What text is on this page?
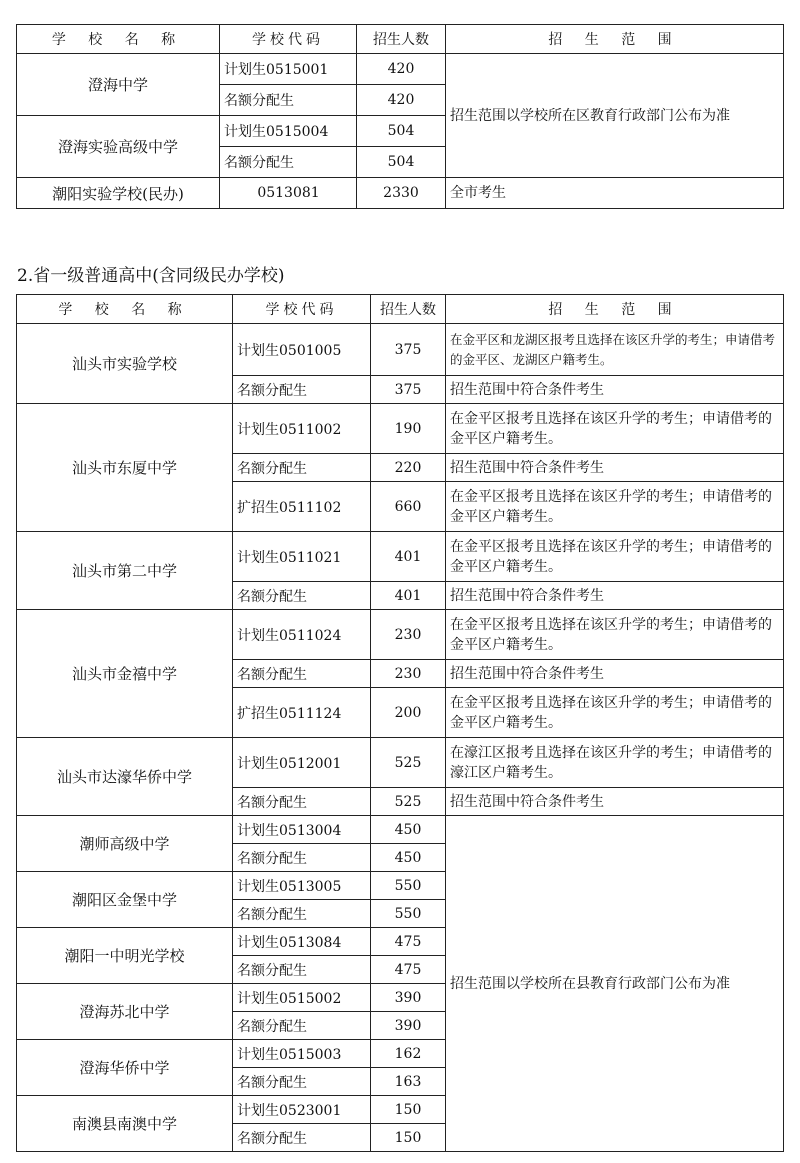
学 校 名 称	学校代码	招生人数	招 生 范 围
澄海中学	计划生0515001	420	招生范围以学校所在区教育行政部门公布为准
	名额分配生	420	
澄海实验高级中学	计划生0515004	504	
	名额分配生	504	
潮阳实验学校(民办)	0513081	2330	全市考生
2.省一级普通高中(含同级民办学校)
学 校 名 称	学校代码	招生人数	招 生 范 围
汕头市实验学校	计划生0501005	375	在金平区和龙湖区报考且选择在该区升学的考生；申请借考的金平区、龙湖区户籍考生。
	名额分配生	375	招生范围中符合条件考生
汕头市东厦中学	计划生0511002	190	在金平区报考且选择在该区升学的考生；申请借考的金平区户籍考生。
	名额分配生	220	招生范围中符合条件考生
	扩招生0511102	660	在金平区报考且选择在该区升学的考生；申请借考的金平区户籍考生。
汕头市第二中学	计划生0511021	401	在金平区报考且选择在该区升学的考生；申请借考的金平区户籍考生。
	名额分配生	401	招生范围中符合条件考生
汕头市金禧中学	计划生0511024	230	在金平区报考且选择在该区升学的考生；申请借考的金平区户籍考生。
	名额分配生	230	招生范围中符合条件考生
	扩招生0511124	200	在金平区报考且选择在该区升学的考生；申请借考的金平区户籍考生。
汕头市达濠华侨中学	计划生0512001	525	在濠江区报考且选择在该区升学的考生；申请借考的濠江区户籍考生。
	名额分配生	525	招生范围中符合条件考生
潮师高级中学	计划生0513004	450	招生范围以学校所在县教育行政部门公布为准
	名额分配生	450	
潮阳区金堡中学	计划生0513005	550	
	名额分配生	550	
潮阳一中明光学校	计划生0513084	475	
	名额分配生	475	
澄海苏北中学	计划生0515002	390	
	名额分配生	390	
澄海华侨中学	计划生0515003	162	
	名额分配生	163	
南澳县南澳中学	计划生0523001	150	
	名额分配生	150	
